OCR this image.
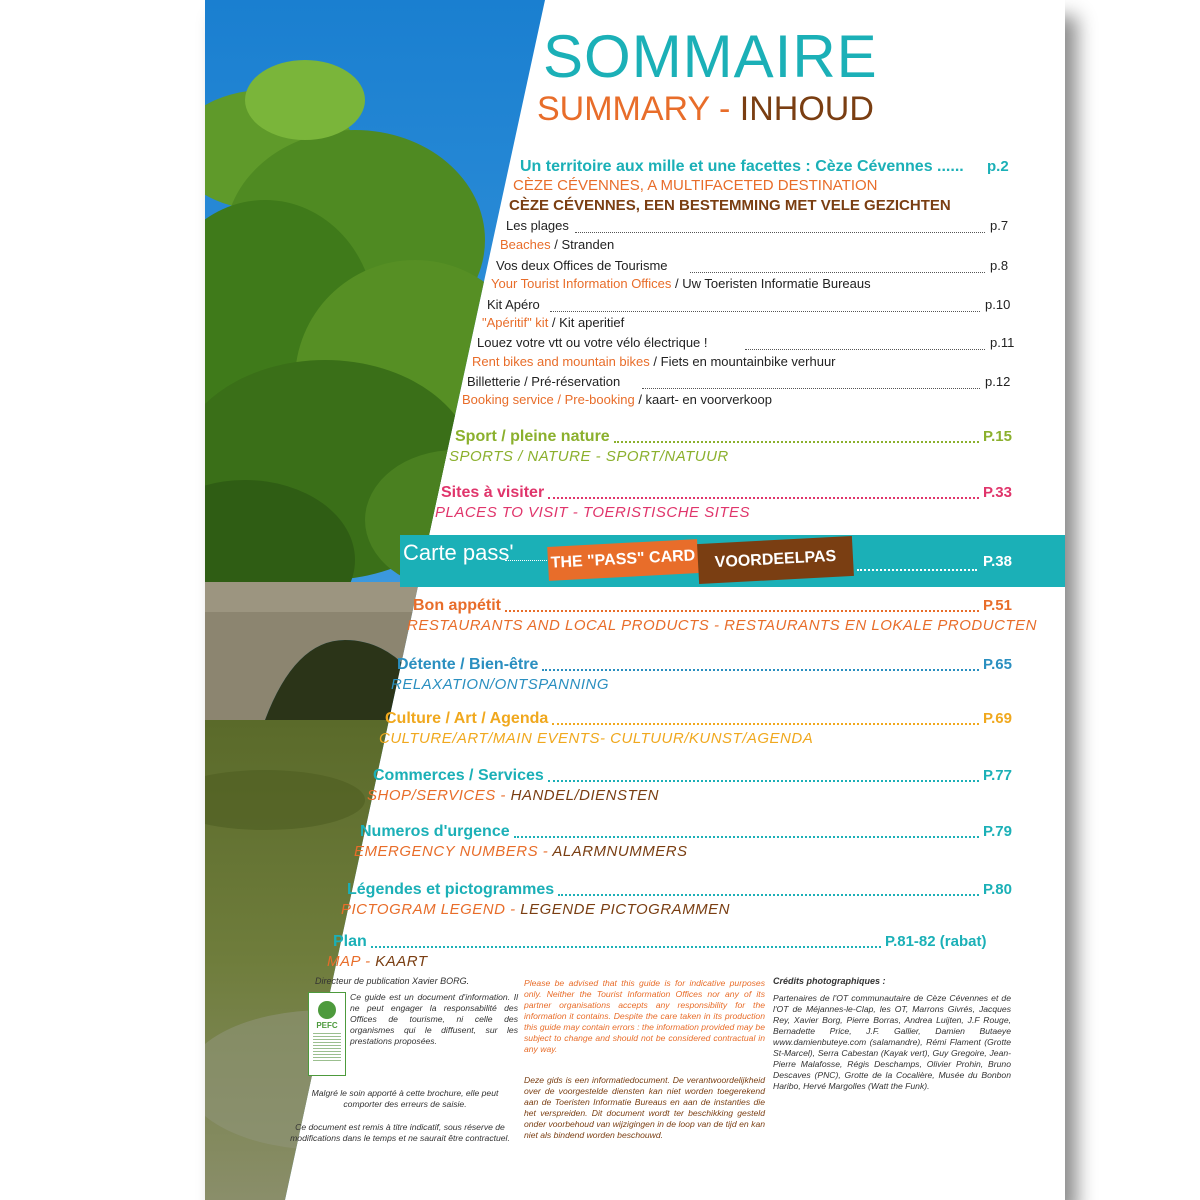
SOMMAIRE
SUMMARY - INHOUD
Un territoire aux mille et une facettes : Cèze Cévennes ...... p.2
CÈZE CÉVENNES, A MULTIFACETED DESTINATION
CÈZE CÉVENNES, EEN BESTEMMING MET VELE GEZICHTEN
Les plages	p.7
Beaches / Stranden
Vos deux Offices de Tourisme	p.8
Your Tourist Information Offices / Uw Toeristen Informatie Bureaus
Kit Apéro	p.10
"Apéritif" kit / Kit aperitief
Louez votre vtt ou votre vélo électrique !	p.11
Rent bikes and mountain bikes / Fiets en mountainbike verhuur
Billetterie / Pré-réservation	p.12
Booking service / Pre-booking / kaart- en voorverkoop
Sport / pleine nature	P.15
SPORTS / NATURE - SPORT/NATUUR
Sites à visiter	P.33
PLACES TO VISIT - TOERISTISCHE SITES
Bon appétit	P.51
RESTAURANTS AND LOCAL PRODUCTS - RESTAURANTS EN LOKALE PRODUCTEN
Détente / Bien-être	P.65
RELAXATION/ONTSPANNING
Culture / Art / Agenda	P.69
CULTURE/ART/MAIN EVENTS- CULTUUR/KUNST/AGENDA
Commerces / Services	P.77
SHOP/SERVICES - HANDEL/DIENSTEN
Numeros d'urgence	P.79
EMERGENCY NUMBERS - ALARMNUMMERS
Légendes et pictogrammes	P.80
PICTOGRAM LEGEND - LEGENDE PICTOGRAMMEN
Plan	P.81-82 (rabat)
MAP - KAART
Carte pass' THE "PASS" CARD	VOORDEELPAS	P.38
Directeur de publication Xavier BORG.
PEFC
Ce guide est un document d'information. Il ne peut engager la responsabilité des Offices de tourisme, ni celle des organismes qui le diffusent, sur les prestations proposées.
Malgré le soin apporté à cette brochure, elle peut comporter des erreurs de saisie.
Ce document est remis à titre indicatif, sous réserve de modifications dans le temps et ne saurait être contractuel.
Please be advised that this guide is for indicative purposes only. Neither the Tourist Information Offices nor any of its partner organisations accepts any responsibility for the information it contains. Despite the care taken in its production this guide may contain errors : the information provided may be subject to change and should not be considered contractual in any way.
Deze gids is een informatiedocument. De verantwoordelijkheid over de voorgestelde diensten kan niet worden toegerekend aan de Toeristen Informatie Bureaus en aan de instanties die het verspreiden. Dit document wordt ter beschikking gesteld onder voorbehoud van wijzigingen in de loop van de tijd en kan niet als bindend worden beschouwd.
Crédits photographiques :
Partenaires de l'OT communautaire de Cèze Cévennes et de l'OT de Méjannes-le-Clap, les OT, Marrons Givrés, Jacques Rey, Xavier Borg, Pierre Borras, Andrea Luijten, J.F Rouge, Bernadette Price, J.F. Gallier, Damien Butaeye www.damienbuteye.com (salamandre), Rémi Flament (Grotte St-Marcel), Serra Cabestan (Kayak vert), Guy Gregoire, Jean-Pierre Malafosse, Régis Deschamps, Olivier Prohin, Bruno Descaves (PNC), Grotte de la Cocalière, Musée du Bonbon Haribo, Hervé Margolles (Watt the Funk).
